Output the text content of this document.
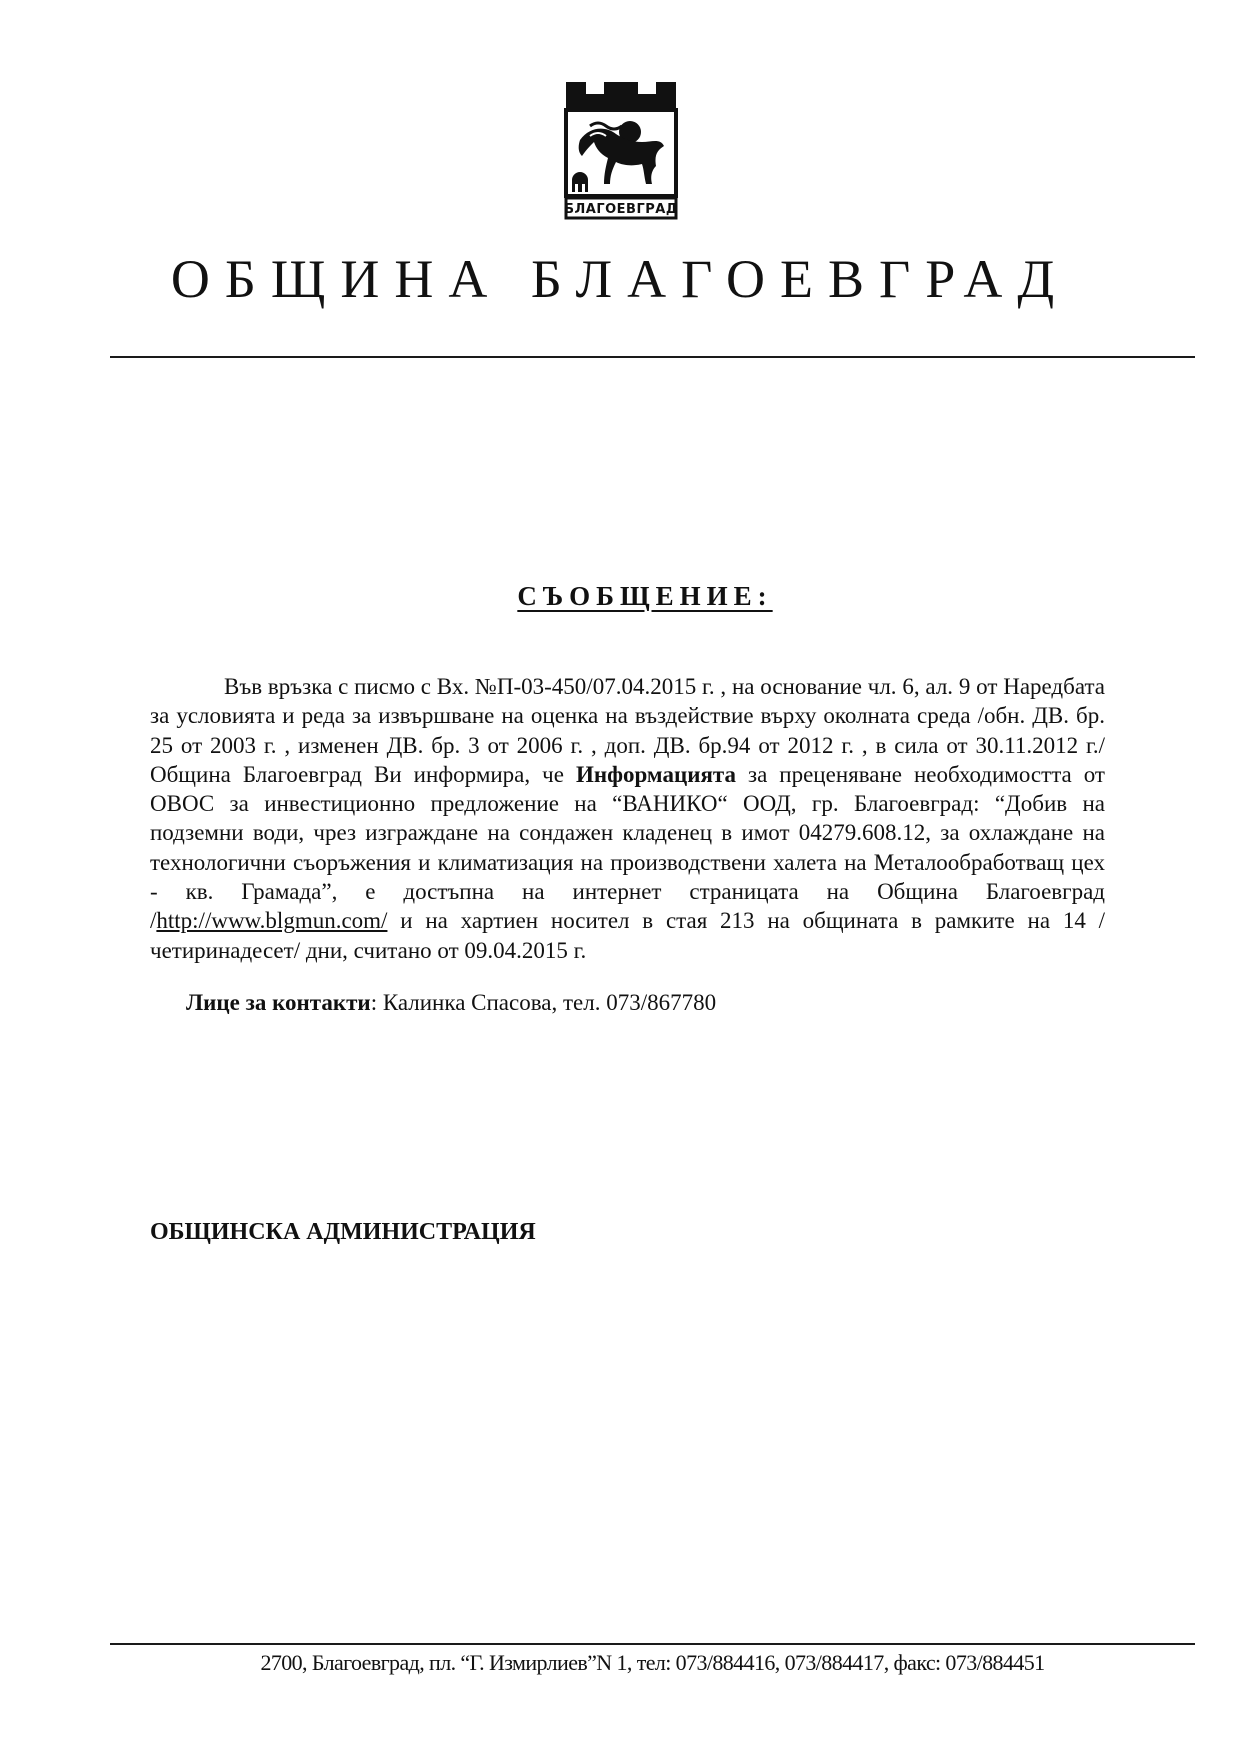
БЛАГОЕВГРАД
ОБЩИНА БЛАГОЕВГРАД
СЪОБЩЕНИЕ:

Във връзка с писмо с Вх. №П-03-450/07.04.2015 г. , на основание чл. 6, ал. 9 от Наредбата за условията и реда за извършване на оценка на въздействие върху околната среда /обн. ДВ. бр. 25 от 2003 г. , изменен ДВ. бр. 3 от 2006 г. , доп. ДВ. бр.94 от 2012 г. , в сила от 30.11.2012 г./ Община Благоевград Ви информира, че Информацията за преценяване необходимостта от ОВОС за инвестиционно предложение на “ВАНИКО“ ООД, гр. Благоевград: “Добив на подземни води, чрез изграждане на сондажен кладенец в имот 04279.608.12, за охлаждане на технологични съоръжения и климатизация на производствени халета на Металообработващ цех - кв. Грамада”, е достъпна на интернет страницата на Община Благоевград /http://www.blgmun.com/ и на хартиен носител в стая 213 на общината в рамките на 14 /четиринадесет/ дни, считано от 09.04.2015 г.

Лице за контакти: Калинка Спасова, тел. 073/867780

ОБЩИНСКА АДМИНИСТРАЦИЯ

2700, Благоевград, пл. “Г. Измирлиев”N 1, тел: 073/884416, 073/884417, факс: 073/884451
